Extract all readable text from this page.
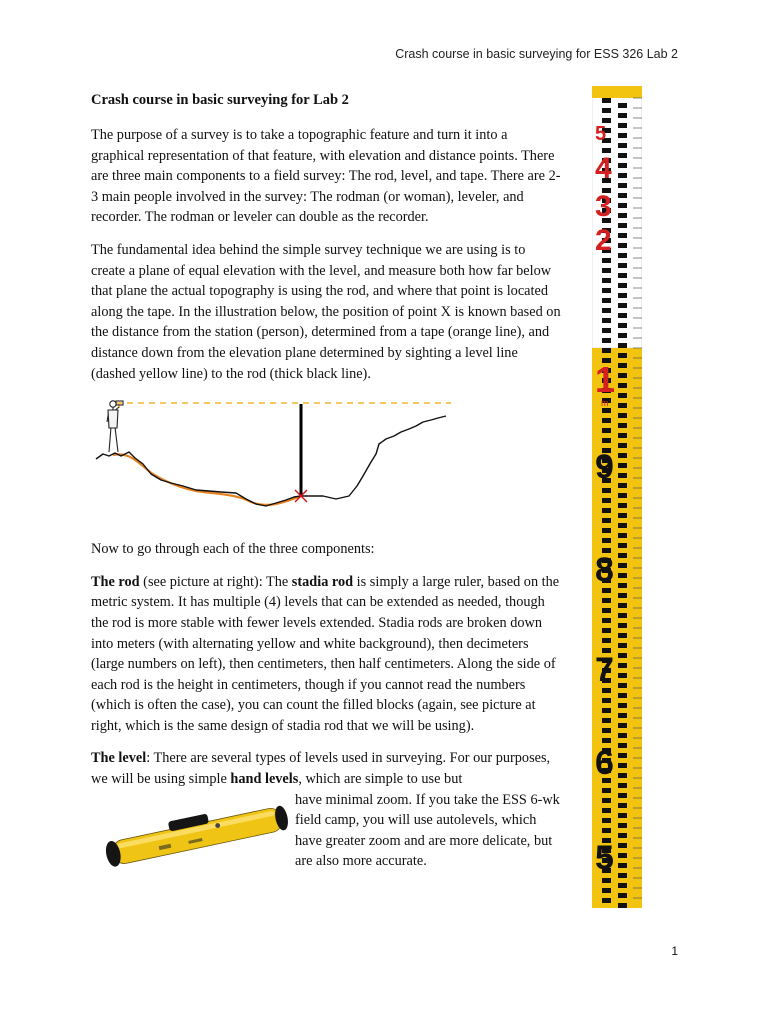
Crash course in basic surveying for ESS 326 Lab 2

Crash course in basic surveying for Lab 2

The purpose of a survey is to take a topographic feature and turn it into a graphical representation of that feature, with elevation and distance points. There are three main components to a field survey: The rod, level, and tape. There are 2-3 main people involved in the survey: The rodman (or woman), leveler, and recorder. The rodman or leveler can double as the recorder.

The fundamental idea behind the simple survey technique we are using is to create a plane of equal elevation with the level, and measure both how far below that plane the actual topography is using the rod, and where that point is located along the tape. In the illustration below, the position of point X is known based on the distance from the station (person), determined from a tape (orange line), and distance down from the elevation plane determined by sighting a level line (dashed yellow line) to the rod (thick black line).

Now to go through each of the three components:

The rod (see picture at right): The stadia rod is simply a large ruler, based on the metric system. It has multiple (4) levels that can be extended as needed, though the rod is more stable with fewer levels extended. Stadia rods are broken down into meters (with alternating yellow and white background), then decimeters (large numbers on left), then centimeters, then half centimeters. Along the side of each rod is the height in centimeters, though if you cannot read the numbers (which is often the case), you can count the filled blocks (again, see picture at right, which is the same design of stadia rod that we will be using).

The level: There are several types of levels used in surveying. For our purposes, we will be using simple hand levels, which are simple to use but

have minimal zoom. If you take the ESS 6-wk field camp, you will use autolevels, which have greater zoom and are more delicate, but are also more accurate.

5
4
3
2
1
m
9
8
7
6
5
1
